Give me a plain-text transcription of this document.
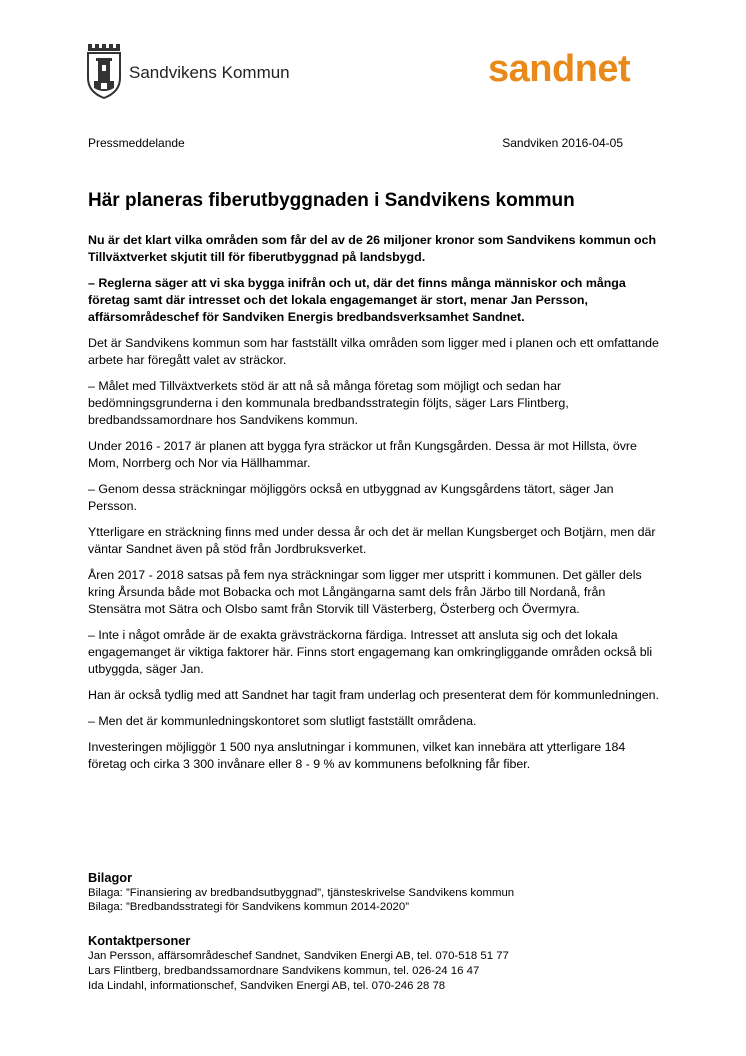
Sandvikens Kommun	sandnet
Pressmeddelande	Sandviken 2016-04-05
Här planeras fiberutbyggnaden i Sandvikens kommun

Nu är det klart vilka områden som får del av de 26 miljoner kronor som Sandvikens kommun och Tillväxtverket skjutit till för fiberutbyggnad på landsbygd.

– Reglerna säger att vi ska bygga inifrån och ut, där det finns många människor och många företag samt där intresset och det lokala engagemanget är stort, menar Jan Persson, affärsområdeschef för Sandviken Energis bredbandsverksamhet Sandnet.

Det är Sandvikens kommun som har fastställt vilka områden som ligger med i planen och ett omfattande arbete har föregått valet av sträckor.

– Målet med Tillväxtverkets stöd är att nå så många företag som möjligt och sedan har bedömningsgrunderna i den kommunala bredbandsstrategin följts, säger Lars Flintberg, bredbandssamordnare hos Sandvikens kommun.

Under 2016 - 2017 är planen att bygga fyra sträckor ut från Kungsgården. Dessa är mot Hillsta, övre Mom, Norrberg och Nor via Hällhammar.

– Genom dessa sträckningar möjliggörs också en utbyggnad av Kungsgårdens tätort, säger Jan Persson.

Ytterligare en sträckning finns med under dessa år och det är mellan Kungsberget och Botjärn, men där väntar Sandnet även på stöd från Jordbruksverket.

Åren 2017 - 2018 satsas på fem nya sträckningar som ligger mer utspritt i kommunen. Det gäller dels kring Årsunda både mot Bobacka och mot Långängarna samt dels från Järbo till Nordanå, från Stensätra mot Sätra och Olsbo samt från Storvik till Västerberg, Österberg och Övermyra.

– Inte i något område är de exakta grävsträckorna färdiga. Intresset att ansluta sig och det lokala engagemanget är viktiga faktorer här. Finns stort engagemang kan omkringliggande områden också bli utbyggda, säger Jan.

Han är också tydlig med att Sandnet har tagit fram underlag och presenterat dem för kommunledningen.

– Men det är kommunledningskontoret som slutligt fastställt områdena.

Investeringen möjliggör 1 500 nya anslutningar i kommunen, vilket kan innebära att ytterligare 184 företag och cirka 3 300 invånare eller 8 - 9 % av kommunens befolkning får fiber.

Bilagor
Bilaga: ”Finansiering av bredbandsutbyggnad”, tjänsteskrivelse Sandvikens kommun
Bilaga: ”Bredbandsstrategi för Sandvikens kommun 2014-2020”
Kontaktpersoner
Jan Persson, affärsområdeschef Sandnet, Sandviken Energi AB, tel. 070-518 51 77
Lars Flintberg, bredbandssamordnare Sandvikens kommun, tel. 026-24 16 47
Ida Lindahl, informationschef, Sandviken Energi AB, tel. 070-246 28 78
